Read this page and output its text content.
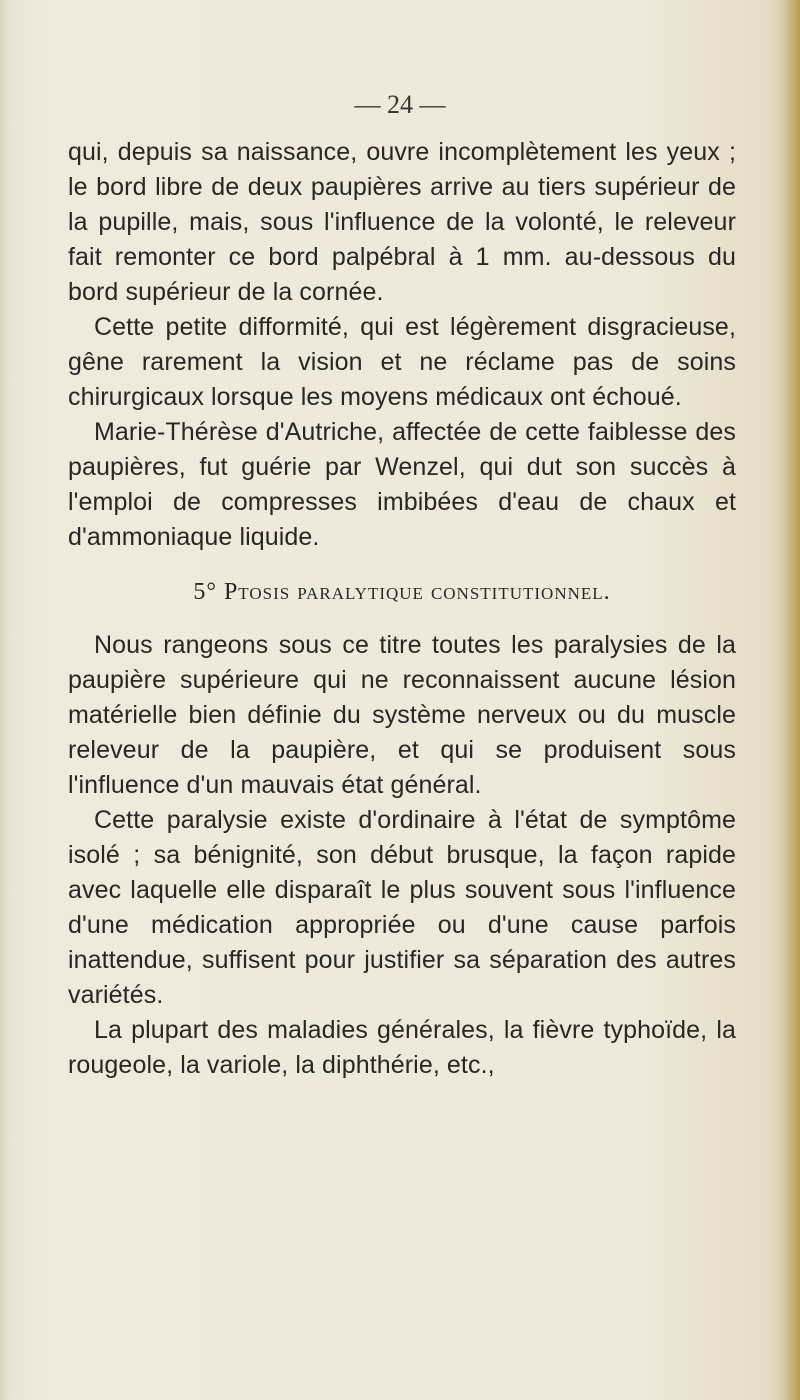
— 24 —

qui, depuis sa naissance, ouvre incomplètement les yeux ; le bord libre de deux paupières arrive au tiers supérieur de la pupille, mais, sous l'influence de la volonté, le releveur fait remonter ce bord palpébral à 1 mm. au-dessous du bord supérieur de la cornée.

Cette petite difformité, qui est légèrement disgracieuse, gêne rarement la vision et ne réclame pas de soins chirurgicaux lorsque les moyens médicaux ont échoué.

Marie-Thérèse d'Autriche, affectée de cette faiblesse des paupières, fut guérie par Wenzel, qui dut son succès à l'emploi de compresses imbibées d'eau de chaux et d'ammoniaque liquide.

5° Ptosis paralytique constitutionnel.

Nous rangeons sous ce titre toutes les paralysies de la paupière supérieure qui ne reconnaissent aucune lésion matérielle bien définie du système nerveux ou du muscle releveur de la paupière, et qui se produisent sous l'influence d'un mauvais état général.

Cette paralysie existe d'ordinaire à l'état de symptôme isolé ; sa bénignité, son début brusque, la façon rapide avec laquelle elle disparaît le plus souvent sous l'influence d'une médication appropriée ou d'une cause parfois inattendue, suffisent pour justifier sa séparation des autres variétés.

La plupart des maladies générales, la fièvre typhoïde, la rougeole, la variole, la diphthérie, etc.,
